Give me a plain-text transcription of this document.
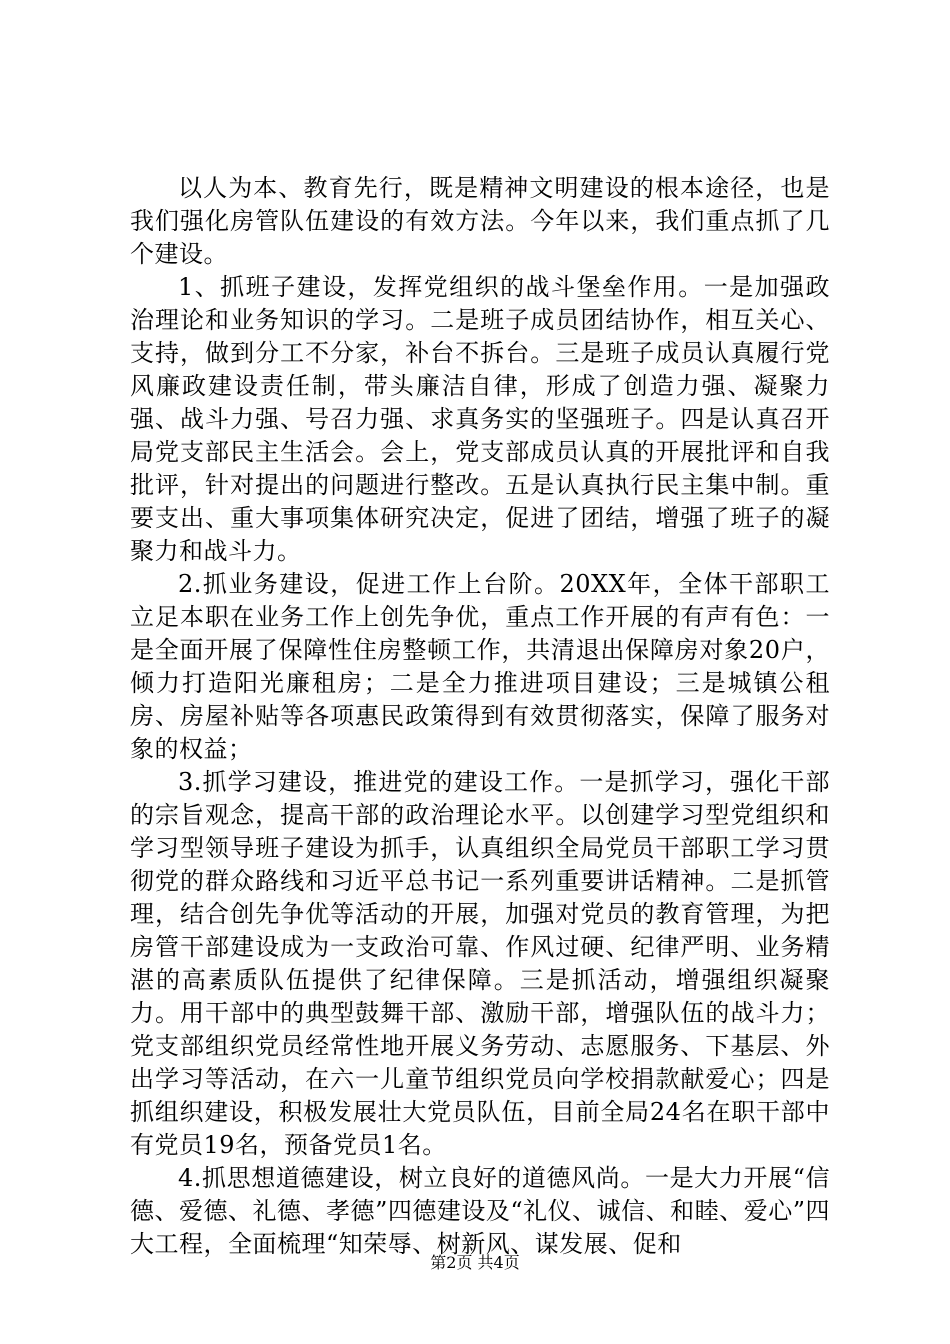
以人为本、教育先行，既是精神文明建设的根本途径，也是我们强化房管队伍建设的有效方法。今年以来，我们重点抓了几个建设。

1、抓班子建设，发挥党组织的战斗堡垒作用。一是加强政治理论和业务知识的学习。二是班子成员团结协作，相互关心、支持，做到分工不分家，补台不拆台。三是班子成员认真履行党风廉政建设责任制，带头廉洁自律，形成了创造力强、凝聚力强、战斗力强、号召力强、求真务实的坚强班子。四是认真召开局党支部民主生活会。会上，党支部成员认真的开展批评和自我批评，针对提出的问题进行整改。五是认真执行民主集中制。重要支出、重大事项集体研究决定，促进了团结，增强了班子的凝聚力和战斗力。

2.抓业务建设，促进工作上台阶。20XX年，全体干部职工立足本职在业务工作上创先争优，重点工作开展的有声有色：一是全面开展了保障性住房整顿工作，共清退出保障房对象20户，倾力打造阳光廉租房；二是全力推进项目建设；三是城镇公租房、房屋补贴等各项惠民政策得到有效贯彻落实，保障了服务对象的权益；

3.抓学习建设，推进党的建设工作。一是抓学习，强化干部的宗旨观念，提高干部的政治理论水平。以创建学习型党组织和学习型领导班子建设为抓手，认真组织全局党员干部职工学习贯彻党的群众路线和习近平总书记一系列重要讲话精神。二是抓管理，结合创先争优等活动的开展，加强对党员的教育管理，为把房管干部建设成为一支政治可靠、作风过硬、纪律严明、业务精湛的高素质队伍提供了纪律保障。三是抓活动，增强组织凝聚力。用干部中的典型鼓舞干部、激励干部，增强队伍的战斗力；党支部组织党员经常性地开展义务劳动、志愿服务、下基层、外出学习等活动，在六一儿童节组织党员向学校捐款献爱心；四是抓组织建设，积极发展壮大党员队伍，目前全局24名在职干部中有党员19名，预备党员1名。

4.抓思想道德建设，树立良好的道德风尚。一是大力开展“信德、爱德、礼德、孝德”四德建设及“礼仪、诚信、和睦、爱心”四大工程，全面梳理“知荣辱、树新风、谋发展、促和

第2页 共4页
